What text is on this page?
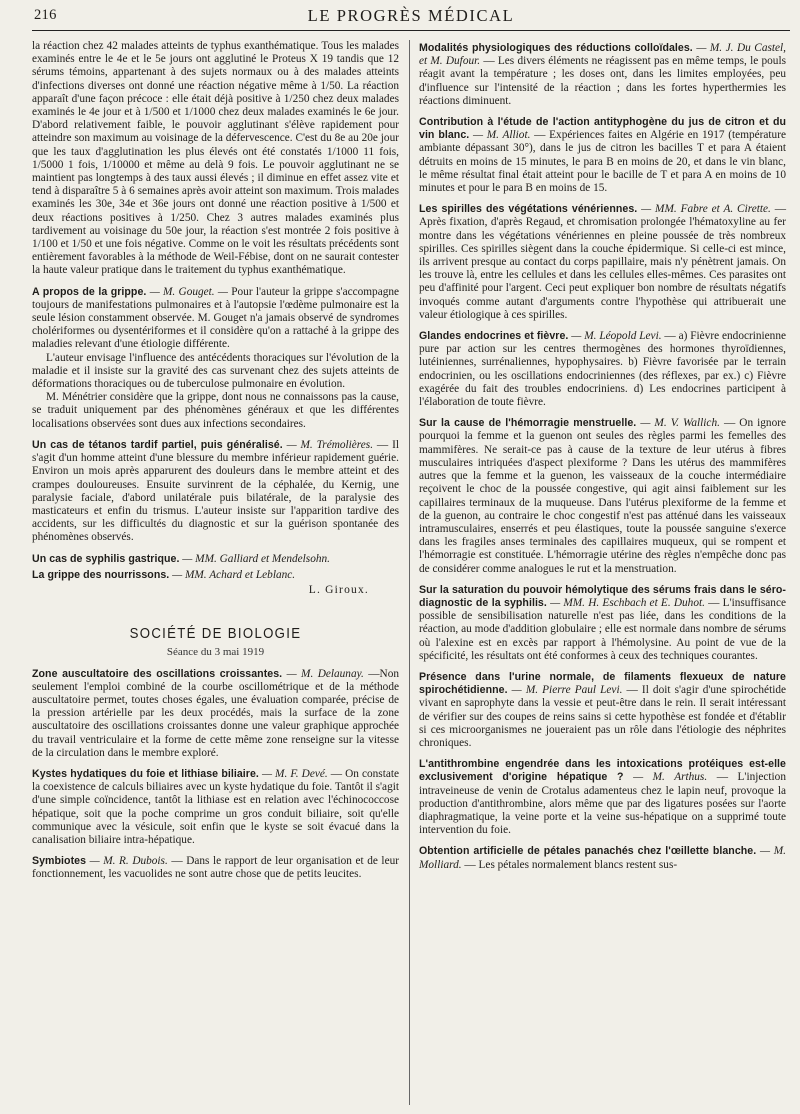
216	LE PROGRÈS MÉDICAL

la réaction chez 42 malades atteints de typhus exanthématique. Tous les malades examinés entre le 4e et le 5e jours ont agglutiné le Proteus X 19 tandis que 12 sérums témoins, appartenant à des sujets normaux ou à des malades atteints d'infections diverses ont donné une réaction négative même à 1/50. La réaction apparaît d'une façon précoce : elle était déjà positive à 1/250 chez deux malades examinés le 4e jour et à 1/500 et 1/1000 chez deux malades examinés le 6e jour. D'abord relativement faible, le pouvoir agglutinant s'élève rapidement pour atteindre son maximum au voisinage de la défervescence. C'est du 8e au 20e jour que les taux d'agglutination les plus élevés ont été constatés 1/1000 11 fois, 1/5000 1 fois, 1/10000 et même au delà 9 fois. Le pouvoir agglutinant ne se maintient pas longtemps à des taux aussi élevés ; il diminue en effet assez vite et tend à disparaître 5 à 6 semaines après avoir atteint son maximum. Trois malades examinés les 30e, 34e et 36e jours ont donné une réaction positive à 1/500 et deux réactions positives à 1/250. Chez 3 autres malades examinés plus tardivement au voisinage du 50e jour, la réaction s'est montrée 2 fois positive à 1/100 et 1/50 et une fois négative. Comme on le voit les résultats précédents sont entièrement favorables à la méthode de Weil-Fébise, dont on ne saurait contester la haute valeur pratique dans le traitement du typhus exanthématique.

A propos de la grippe. — M. Gouget. — Pour l'auteur la grippe s'accompagne toujours de manifestations pulmonaires et à l'autopsie l'œdème pulmonaire est la seule lésion constamment observée. M. Gouget n'a jamais observé de syndromes cholériformes ou dysentériformes et il considère qu'on a rattaché à la grippe des maladies relevant d'une étiologie différente.

L'auteur envisage l'influence des antécédents thoraciques sur l'évolution de la maladie et il insiste sur la gravité des cas survenant chez des sujets atteints de déformations thoraciques ou de tuberculose pulmonaire en évolution.

M. Ménétrier considère que la grippe, dont nous ne connaissons pas la cause, se traduit uniquement par des phénomènes généraux et que les différentes localisations observées sont dues aux infections secondaires.

Un cas de tétanos tardif partiel, puis généralisé. — M. Trémolières. — Il s'agit d'un homme atteint d'une blessure du membre inférieur rapidement guérie. Environ un mois après apparurent des douleurs dans le membre atteint et des crampes douloureuses. Ensuite survinrent de la céphalée, du Kernig, une paralysie faciale, d'abord unilatérale puis bilatérale, de la paralysie des masticateurs et enfin du trismus. L'auteur insiste sur l'apparition tardive des accidents, sur les difficultés du diagnostic et sur la guérison spontanée des phénomènes observés.

Un cas de syphilis gastrique. — MM. Galliard et Mendelsohn.

La grippe des nourrissons. — MM. Achard et Leblanc.

L. Giroux.
SOCIÉTÉ DE BIOLOGIE
Séance du 3 mai 1919

Zone auscultatoire des oscillations croissantes. — M. Delaunay. —Non seulement l'emploi combiné de la courbe oscillométrique et de la méthode auscultatoire permet, toutes choses égales, une évaluation comparée, précise de la pression artérielle par les deux procédés, mais la surface de la zone auscultatoire des oscillations croissantes donne une valeur graphique approchée du travail ventriculaire et la forme de cette même zone renseigne sur la vitesse de la circulation dans le membre exploré.

Kystes hydatiques du foie et lithiase biliaire. — M. F. Devé. — On constate la coexistence de calculs biliaires avec un kyste hydatique du foie. Tantôt il s'agit d'une simple coïncidence, tantôt la lithiase est en relation avec l'échinococcose hépatique, soit que la poche comprime un gros conduit biliaire, soit qu'elle communique avec la vésicule, soit enfin que le kyste se soit évacué dans la canalisation biliaire intra-hépatique.

Symbiotes — M. R. Dubois. — Dans le rapport de leur organisation et de leur fonctionnement, les vacuolides ne sont autre chose que de petits leucites.

Modalités physiologiques des réductions colloïdales. — M. J. Du Castel, et M. Dufour. — Les divers éléments ne réagissent pas en même temps, le pouls réagit avant la température ; les doses ont, dans les limites employées, peu d'influence sur l'intensité de la réaction ; dans les fortes hyperthermies les réactions diminuent.

Contribution à l'étude de l'action antityphogène du jus de citron et du vin blanc. — M. Alliot. — Expériences faites en Algérie en 1917 (température ambiante dépassant 30°), dans le jus de citron les bacilles T et para A étaient détruits en moins de 15 minutes, le para B en moins de 20, et dans le vin blanc, le même résultat final était atteint pour le bacille de T et para A en moins de 10 minutes et pour le para B en moins de 15.

Les spirilles des végétations vénériennes. — MM. Fabre et A. Cirette. — Après fixation, d'après Regaud, et chromisation prolongée l'hématoxyline au fer montre dans les végétations vénériennes en pleine poussée de très nombreux spirilles. Ces spirilles siègent dans la couche épidermique. Si celle-ci est mince, ils arrivent presque au contact du corps papillaire, mais n'y pénètrent jamais. On les trouve là, entre les cellules et dans les cellules elles-mêmes. Ces parasites ont peu d'affinité pour l'argent. Ceci peut expliquer bon nombre de résultats négatifs invoqués comme autant d'arguments contre l'hypothèse qui attribuerait une valeur étiologique à ces spirilles.

Glandes endocrines et fièvre. — M. Léopold Levi. — a) Fièvre endocrinienne pure par action sur les centres thermogènes des hormones thyroïdiennes, lutéiniennes, surrénaliennes, hypophysaires. b) Fièvre favorisée par le terrain endocrinien, ou les oscillations endocriniennes (des réflexes, par ex.) c) Fièvre exagérée du fait des troubles endocriniens. d) Les endocrines participent à l'élaboration de toute fièvre.

Sur la cause de l'hémorragie menstruelle. — M. V. Wallich. — On ignore pourquoi la femme et la guenon ont seules des règles parmi les femelles des mammifères. Ne serait-ce pas à cause de la texture de leur utérus à fibres musculaires intriquées d'aspect plexiforme ? Dans les utérus des mammifères autres que la femme et la guenon, les vaisseaux de la couche intermédiaire reçoivent le choc de la poussée congestive, qui agit ainsi faiblement sur les capillaires terminaux de la muqueuse. Dans l'utérus plexiforme de la femme et de la guenon, au contraire le choc congestif n'est pas atténué dans les vaisseaux intramusculaires, enserrés et peu élastiques, toute la poussée sanguine s'exerce dans les fragiles anses terminales des capillaires muqueux, qui se rompent et l'hémorragie est constituée. L'hémorragie utérine des règles n'empêche donc pas de considérer comme analogues le rut et la menstruation.

Sur la saturation du pouvoir hémolytique des sérums frais dans le séro-diagnostic de la syphilis. — MM. H. Eschbach et E. Duhot. — L'insuffisance possible de sensibilisation naturelle n'est pas liée, dans les conditions de la réaction, au mode d'addition globulaire ; elle est normale dans nombre de sérums où l'alexine est en excès par rapport à l'hémolysine. Au point de vue de la spécificité, les résultats ont été conformes à ceux des techniques courantes.

Présence dans l'urine normale, de filaments flexueux de nature spirochétidienne. — M. Pierre Paul Levi. — Il doit s'agir d'une spirochétide vivant en saprophyte dans la vessie et peut-être dans le rein. Il serait intéressant de vérifier sur des coupes de reins sains si cette hypothèse est fondée et d'établir si ces microorganismes ne joueraient pas un rôle dans l'étiologie des néphrites chroniques.

L'antithrombine engendrée dans les intoxications protéiques est-elle exclusivement d'origine hépatique ? — M. Arthus. — L'injection intraveineuse de venin de Crotalus adamenteus chez le lapin neuf, provoque la production d'antithrombine, alors même que par des ligatures posées sur l'aorte diaphragmatique, la veine porte et la veine sus-hépatique on a supprimé toute intervention du foie.

Obtention artificielle de pétales panachés chez l'œillette blanche. — M. Molliard. — Les pétales normalement blancs restent sus-
